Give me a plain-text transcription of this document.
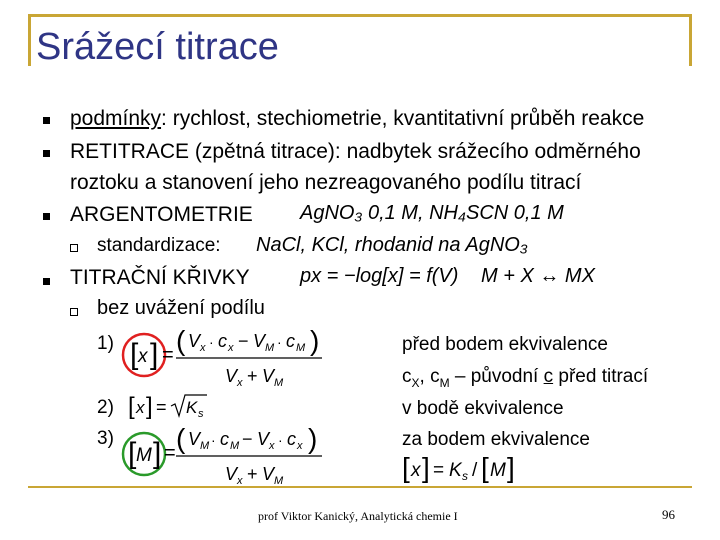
Srážecí titrace
podmínky: rychlost, stechiometrie, kvantitativní průběh reakce
RETITRACE (zpětná titrace): nadbytek srážecího odměrného
roztoku a stanovení jeho nezreagovaného podílu titrací
ARGENTOMETRIE AgNO₃ 0,1 M, NH₄SCN 0,1 M
standardizace: NaCl, KCl, rhodanid na AgNO₃
TITRAČNÍ KŘIVKY	px = −log[x] = f(V) M + X ↔ MX
bez uvážení podílu
1)
2)
3)
[ x ] = ( V x · c x − V M · c M )
V x + V M
[ x ] = K s
[ M ] = ( V M · c M − V x · c x )
V x + V M
před bodem ekvivalence
$c_X$, $c_M$ – původní c před titrací
v bodě ekvivalence
za bodem ekvivalence
[ x ] = K s / [ M ]
prof Viktor Kanický, Analytická chemie I	96
